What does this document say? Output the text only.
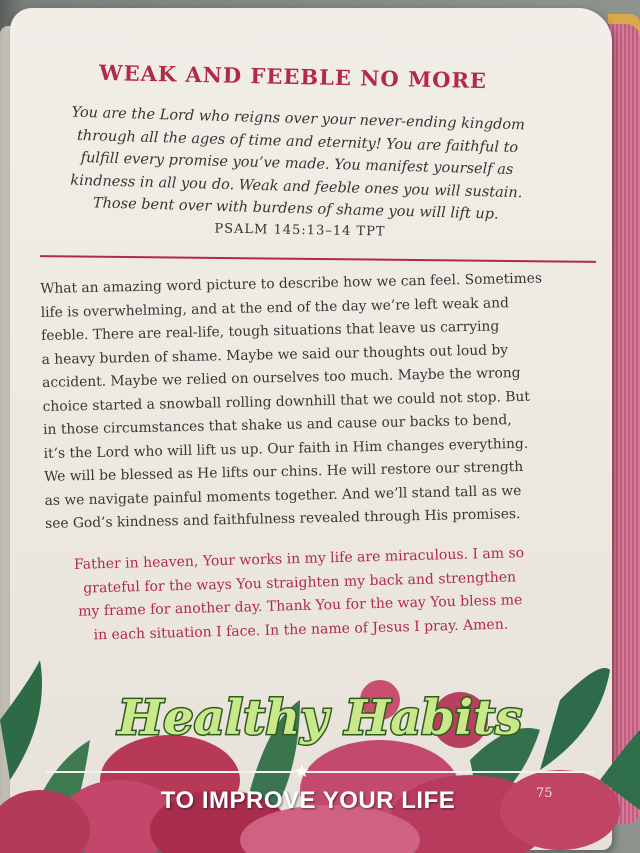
WEAK AND FEEBLE NO MORE
You are the Lord who reigns over your never-ending kingdom
through all the ages of time and eternity! You are faithful to
fulfill every promise you’ve made. You manifest yourself as
kindness in all you do. Weak and feeble ones you will sustain.
Those bent over with burdens of shame you will lift up.
PSALM 145:13–14 TPT
What an amazing word picture to describe how we can feel. Sometimes
life is overwhelming, and at the end of the day we’re left weak and
feeble. There are real-life, tough situations that leave us carrying
a heavy burden of shame. Maybe we said our thoughts out loud by
accident. Maybe we relied on ourselves too much. Maybe the wrong
choice started a snowball rolling downhill that we could not stop. But
in those circumstances that shake us and cause our backs to bend,
it’s the Lord who will lift us up. Our faith in Him changes everything.
We will be blessed as He lifts our chins. He will restore our strength
as we navigate painful moments together. And we’ll stand tall as we
see God’s kindness and faithfulness revealed through His promises.
Father in heaven, Your works in my life are miraculous. I am so
grateful for the ways You straighten my back and strengthen
my frame for another day. Thank You for the way You bless me
in each situation I face. In the name of Jesus I pray. Amen.
75
Healthy Habits
★
TO IMPROVE YOUR LIFE
